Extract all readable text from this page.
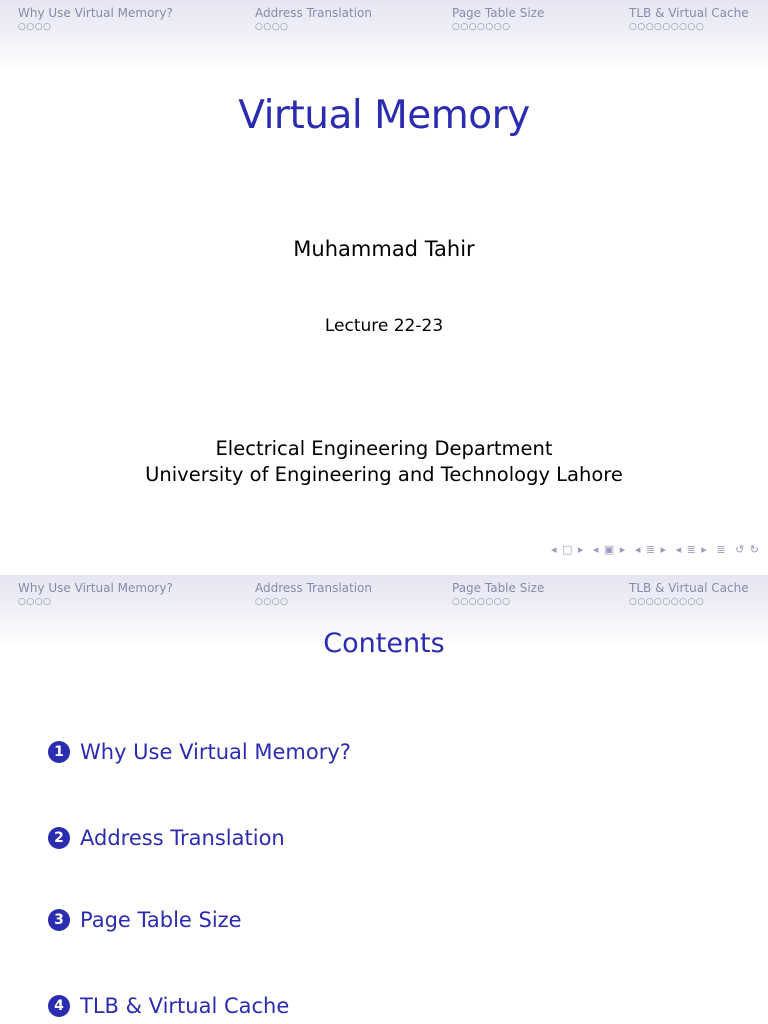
Why Use Virtual Memory?
○○○○
Address Translation
○○○○
Page Table Size
○○○○○○○
TLB & Virtual Cache
○○○○○○○○○
Virtual Memory
Muhammad Tahir
Lecture 22-23
Electrical Engineering Department
University of Engineering and Technology Lahore
◂ □ ▸ ◂ ▣ ▸ ◂ ≣ ▸ ◂ ≣ ▸ ≣ ↺ ↻
Why Use Virtual Memory?
○○○○
Address Translation
○○○○
Page Table Size
○○○○○○○
TLB & Virtual Cache
○○○○○○○○○
Contents
1 Why Use Virtual Memory?
2 Address Translation
3 Page Table Size
4 TLB & Virtual Cache
